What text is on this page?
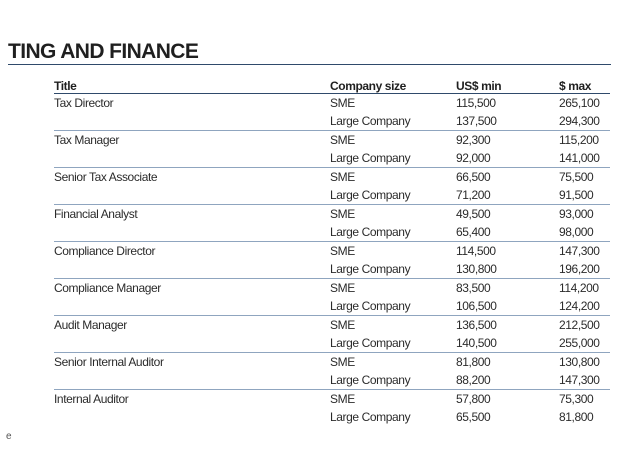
TING AND FINANCE
Title	Company size	US$ min	$ max
Tax Director	SME	115,500	265,100
	Large Company	137,500	294,300
Tax Manager	SME	92,300	115,200
	Large Company	92,000	141,000
Senior Tax Associate	SME	66,500	75,500
	Large Company	71,200	91,500
Financial Analyst	SME	49,500	93,000
	Large Company	65,400	98,000
Compliance Director	SME	114,500	147,300
	Large Company	130,800	196,200
Compliance Manager	SME	83,500	114,200
	Large Company	106,500	124,200
Audit Manager	SME	136,500	212,500
	Large Company	140,500	255,000
Senior Internal Auditor	SME	81,800	130,800
	Large Company	88,200	147,300
Internal Auditor	SME	57,800	75,300
	Large Company	65,500	81,800
e
